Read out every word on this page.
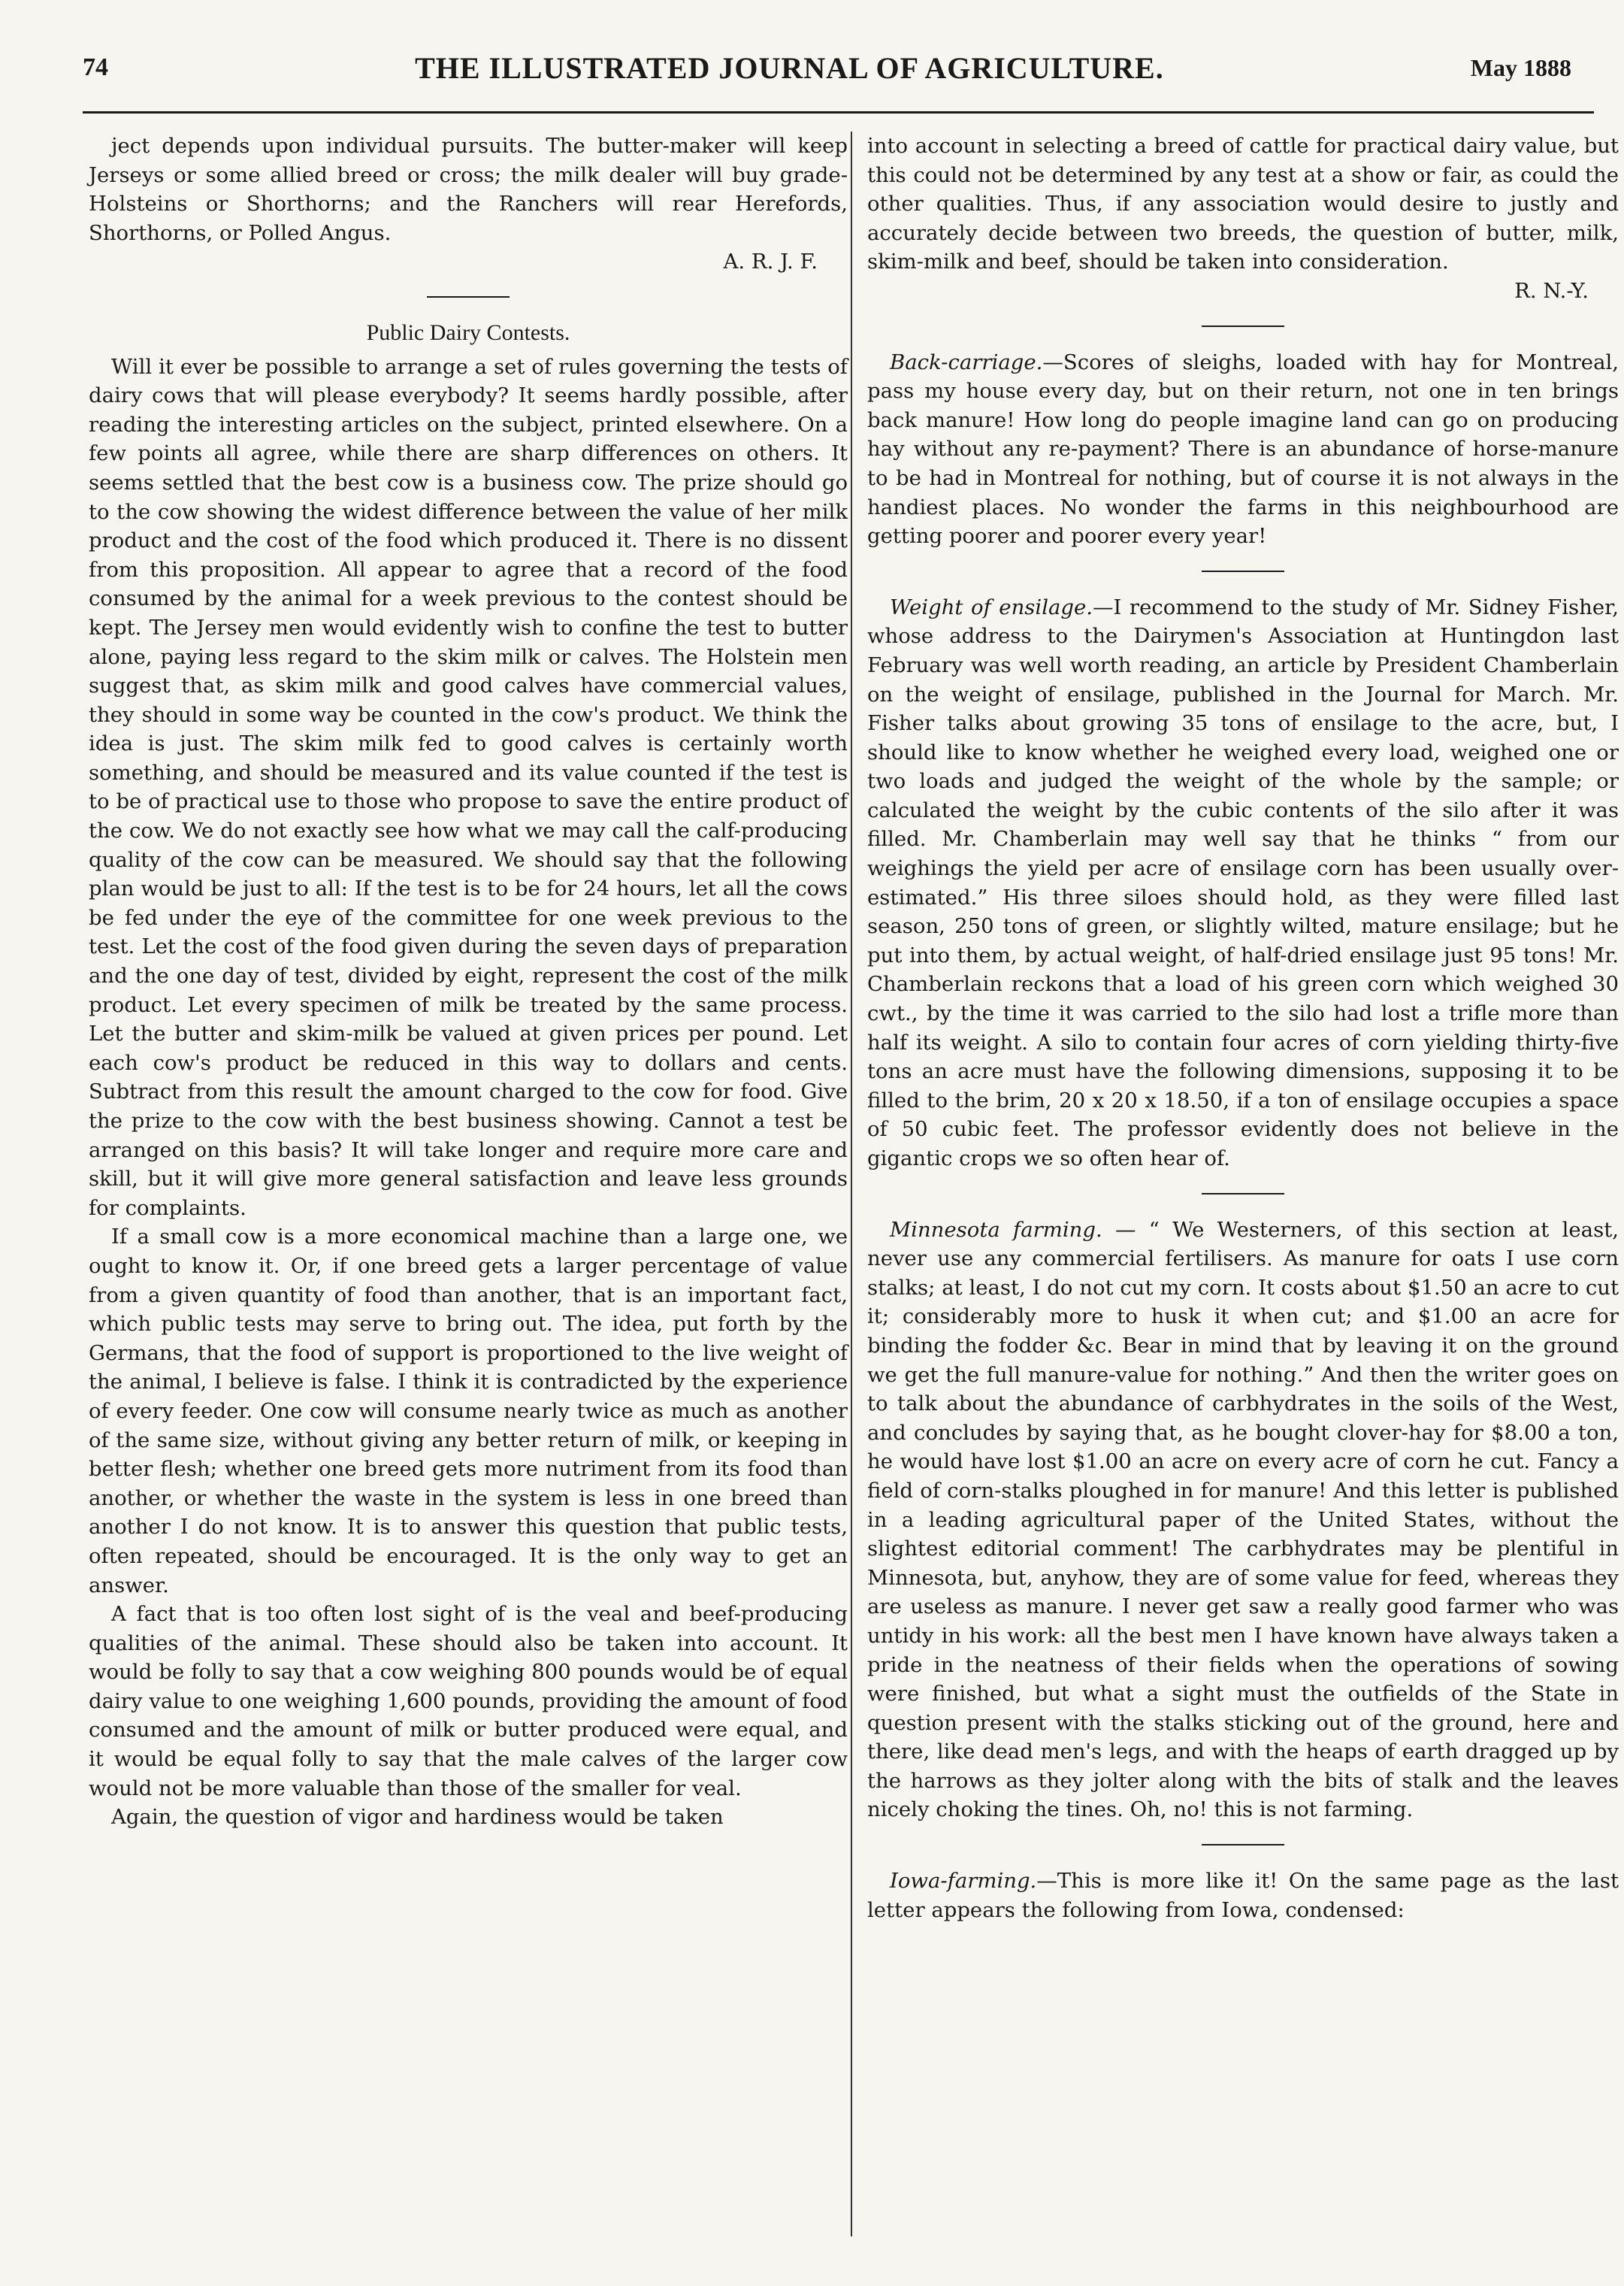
74	THE ILLUSTRATED JOURNAL OF AGRICULTURE.	May 1888

ject depends upon individual pursuits. The butter-maker will keep Jerseys or some allied breed or cross; the milk dealer will buy grade-Holsteins or Shorthorns; and the Ranchers will rear Herefords, Shorthorns, or Polled Angus.

A. R. J. F.

Public Dairy Contests.

Will it ever be possible to arrange a set of rules governing the tests of dairy cows that will please everybody? It seems hardly possible, after reading the interesting articles on the subject, printed elsewhere. On a few points all agree, while there are sharp differences on others. It seems settled that the best cow is a business cow. The prize should go to the cow showing the widest difference between the value of her milk product and the cost of the food which produced it. There is no dissent from this proposition. All appear to agree that a record of the food consumed by the animal for a week previous to the contest should be kept. The Jersey men would evidently wish to confine the test to butter alone, paying less regard to the skim milk or calves. The Holstein men suggest that, as skim milk and good calves have commercial values, they should in some way be counted in the cow's product. We think the idea is just. The skim milk fed to good calves is certainly worth something, and should be measured and its value counted if the test is to be of practical use to those who propose to save the entire product of the cow. We do not exactly see how what we may call the calf-producing quality of the cow can be measured. We should say that the following plan would be just to all: If the test is to be for 24 hours, let all the cows be fed under the eye of the committee for one week previous to the test. Let the cost of the food given during the seven days of preparation and the one day of test, divided by eight, represent the cost of the milk product. Let every specimen of milk be treated by the same process. Let the butter and skim-milk be valued at given prices per pound. Let each cow's product be reduced in this way to dollars and cents. Subtract from this result the amount charged to the cow for food. Give the prize to the cow with the best business showing. Cannot a test be arranged on this basis? It will take longer and require more care and skill, but it will give more general satisfaction and leave less grounds for complaints.

If a small cow is a more economical machine than a large one, we ought to know it. Or, if one breed gets a larger percentage of value from a given quantity of food than another, that is an important fact, which public tests may serve to bring out. The idea, put forth by the Germans, that the food of support is proportioned to the live weight of the animal, I believe is false. I think it is contradicted by the experience of every feeder. One cow will consume nearly twice as much as another of the same size, without giving any better return of milk, or keeping in better flesh; whether one breed gets more nutriment from its food than another, or whether the waste in the system is less in one breed than another I do not know. It is to answer this question that public tests, often repeated, should be encouraged. It is the only way to get an answer.

A fact that is too often lost sight of is the veal and beef-producing qualities of the animal. These should also be taken into account. It would be folly to say that a cow weighing 800 pounds would be of equal dairy value to one weighing 1,600 pounds, providing the amount of food consumed and the amount of milk or butter produced were equal, and it would be equal folly to say that the male calves of the larger cow would not be more valuable than those of the smaller for veal.

Again, the question of vigor and hardiness would be taken

into account in selecting a breed of cattle for practical dairy value, but this could not be determined by any test at a show or fair, as could the other qualities. Thus, if any association would desire to justly and accurately decide between two breeds, the question of butter, milk, skim-milk and beef, should be taken into consideration.

R. N.-Y.

Back-carriage.—Scores of sleighs, loaded with hay for Montreal, pass my house every day, but on their return, not one in ten brings back manure! How long do people imagine land can go on producing hay without any re-payment? There is an abundance of horse-manure to be had in Montreal for nothing, but of course it is not always in the handiest places. No wonder the farms in this neighbourhood are getting poorer and poorer every year!

Weight of ensilage.—I recommend to the study of Mr. Sidney Fisher, whose address to the Dairymen's Association at Huntingdon last February was well worth reading, an article by President Chamberlain on the weight of ensilage, published in the Journal for March. Mr. Fisher talks about growing 35 tons of ensilage to the acre, but, I should like to know whether he weighed every load, weighed one or two loads and judged the weight of the whole by the sample; or calculated the weight by the cubic contents of the silo after it was filled. Mr. Chamberlain may well say that he thinks “ from our weighings the yield per acre of ensilage corn has been usually over-estimated.” His three siloes should hold, as they were filled last season, 250 tons of green, or slightly wilted, mature ensilage; but he put into them, by actual weight, of half-dried ensilage just 95 tons! Mr. Chamberlain reckons that a load of his green corn which weighed 30 cwt., by the time it was carried to the silo had lost a trifle more than half its weight. A silo to contain four acres of corn yielding thirty-five tons an acre must have the following dimensions, supposing it to be filled to the brim, 20 x 20 x 18.50, if a ton of ensilage occupies a space of 50 cubic feet. The professor evidently does not believe in the gigantic crops we so often hear of.

Minnesota farming. — “ We Westerners, of this section at least, never use any commercial fertilisers. As manure for oats I use corn stalks; at least, I do not cut my corn. It costs about $1.50 an acre to cut it; considerably more to husk it when cut; and $1.00 an acre for binding the fodder &c. Bear in mind that by leaving it on the ground we get the full manure-value for nothing.” And then the writer goes on to talk about the abundance of carbhydrates in the soils of the West, and concludes by saying that, as he bought clover-hay for $8.00 a ton, he would have lost $1.00 an acre on every acre of corn he cut. Fancy a field of corn-stalks ploughed in for manure! And this letter is published in a leading agricultural paper of the United States, without the slightest editorial comment! The carbhydrates may be plentiful in Minnesota, but, anyhow, they are of some value for feed, whereas they are useless as manure. I never get saw a really good farmer who was untidy in his work: all the best men I have known have always taken a pride in the neatness of their fields when the operations of sowing were finished, but what a sight must the outfields of the State in question present with the stalks sticking out of the ground, here and there, like dead men's legs, and with the heaps of earth dragged up by the harrows as they jolter along with the bits of stalk and the leaves nicely choking the tines. Oh, no! this is not farming.

Iowa-farming.—This is more like it! On the same page as the last letter appears the following from Iowa, condensed:
